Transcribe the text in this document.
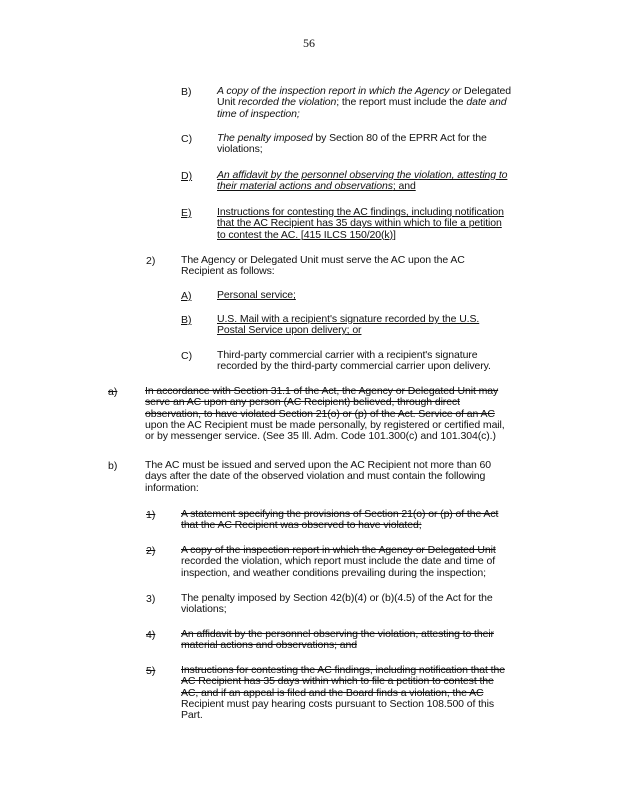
56
B) A copy of the inspection report in which the Agency or Delegated
Unit recorded the violation; the report must include the date and
time of inspection;
C) The penalty imposed by Section 80 of the EPRR Act for the
violations;
D) An affidavit by the personnel observing the violation, attesting to
their material actions and observations; and
E) Instructions for contesting the AC findings, including notification
that the AC Recipient has 35 days within which to file a petition
to contest the AC. [415 ILCS 150/20(k)]
2) The Agency or Delegated Unit must serve the AC upon the AC
Recipient as follows:
A) Personal service;
B) U.S. Mail with a recipient's signature recorded by the U.S.
Postal Service upon delivery; or
C) Third-party commercial carrier with a recipient's signature
recorded by the third-party commercial carrier upon delivery.
a)	In accordance with Section 31.1 of the Act, the Agency or Delegated Unit may
serve an AC upon any person (AC Recipient) believed, through direct
observation, to have violated Section 21(o) or (p) of the Act. Service of an AC
upon the AC Recipient must be made personally, by registered or certified mail,
or by messenger service. (See 35 Ill. Adm. Code 101.300(c) and 101.304(c).)
b)	The AC must be issued and served upon the AC Recipient not more than 60
days after the date of the observed violation and must contain the following
information:
1) A statement specifying the provisions of Section 21(o) or (p) of the Act
that the AC Recipient was observed to have violated;
2) A copy of the inspection report in which the Agency or Delegated Unit
recorded the violation, which report must include the date and time of
inspection, and weather conditions prevailing during the inspection;
3) The penalty imposed by Section 42(b)(4) or (b)(4.5) of the Act for the
violations;
4) An affidavit by the personnel observing the violation, attesting to their
material actions and observations; and
5) Instructions for contesting the AC findings, including notification that the
AC Recipient has 35 days within which to file a petition to contest the
AC, and if an appeal is filed and the Board finds a violation, the AC
Recipient must pay hearing costs pursuant to Section 108.500 of this
Part.
